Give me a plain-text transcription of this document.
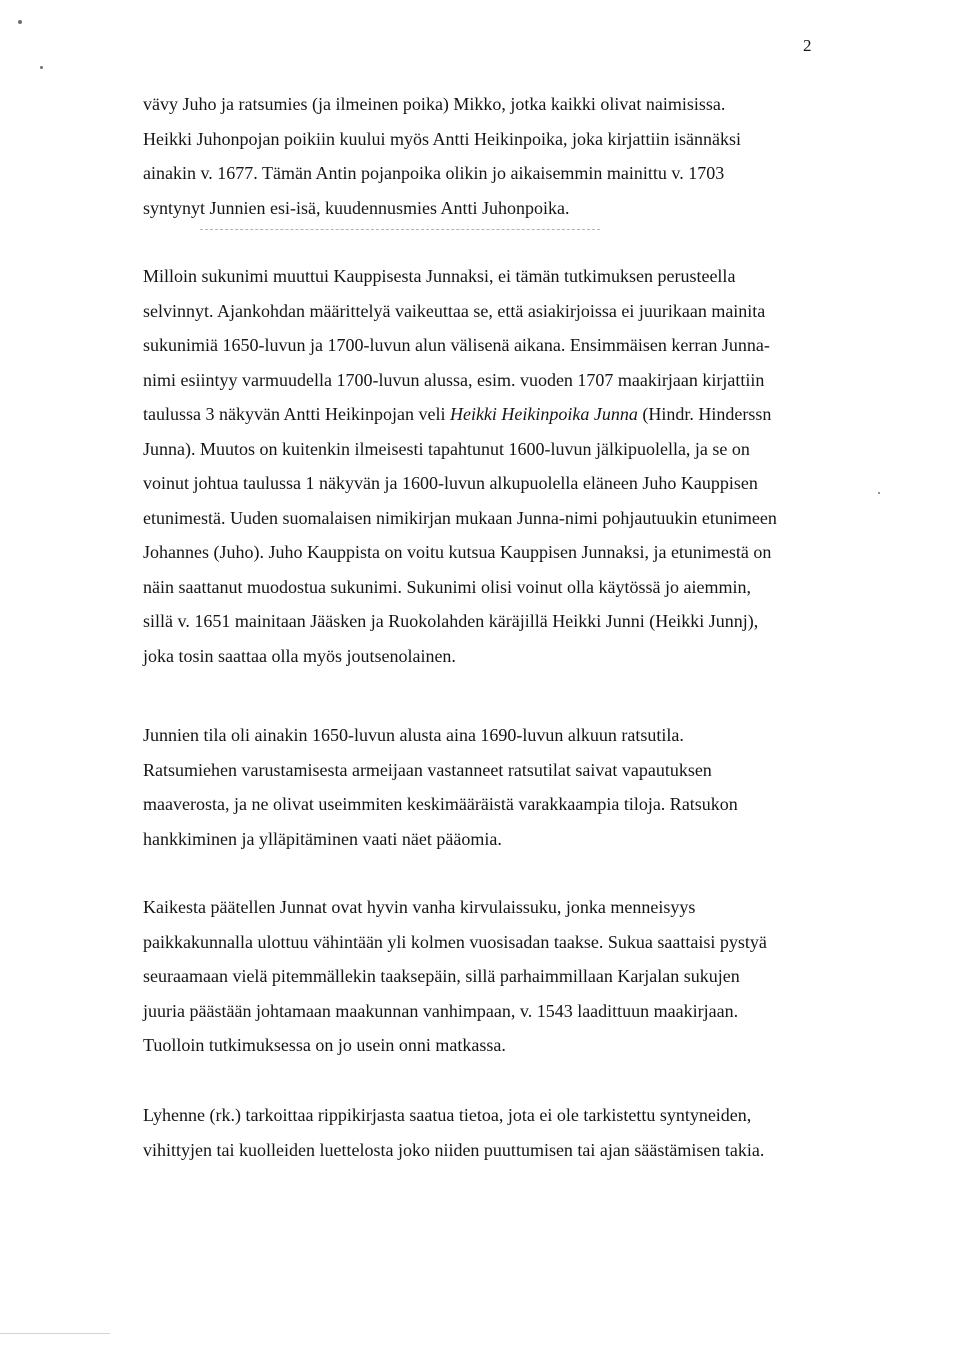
2
vävy Juho ja ratsumies (ja ilmeinen poika) Mikko, jotka kaikki olivat naimisissa.
Heikki Juhonpojan poikiin kuului myös Antti Heikinpoika, joka kirjattiin isännäksi
ainakin v. 1677. Tämän Antin pojanpoika olikin jo aikaisemmin mainittu v. 1703
syntynyt Junnien esi-isä, kuudennusmies Antti Juhonpoika.
Milloin sukunimi muuttui Kauppisesta Junnaksi, ei tämän tutkimuksen perusteella
selvinnyt. Ajankohdan määrittelyä vaikeuttaa se, että asiakirjoissa ei juurikaan mainita
sukunimiä 1650-luvun ja 1700-luvun alun välisenä aikana. Ensimmäisen kerran Junna-
nimi esiintyy varmuudella 1700-luvun alussa, esim. vuoden 1707 maakirjaan kirjattiin
taulussa 3 näkyvän Antti Heikinpojan veli Heikki Heikinpoika Junna (Hindr. Hinderssn
Junna). Muutos on kuitenkin ilmeisesti tapahtunut 1600-luvun jälkipuolella, ja se on
voinut johtua taulussa 1 näkyvän ja 1600-luvun alkupuolella eläneen Juho Kauppisen
etunimestä. Uuden suomalaisen nimikirjan mukaan Junna-nimi pohjautuukin etunimeen
Johannes (Juho). Juho Kauppista on voitu kutsua Kauppisen Junnaksi, ja etunimestä on
näin saattanut muodostua sukunimi. Sukunimi olisi voinut olla käytössä jo aiemmin,
sillä v. 1651 mainitaan Jääsken ja Ruokolahden käräjillä Heikki Junni (Heikki Junnj),
joka tosin saattaa olla myös joutsenolainen.
Junnien tila oli ainakin 1650-luvun alusta aina 1690-luvun alkuun ratsutila.
Ratsumiehen varustamisesta armeijaan vastanneet ratsutilat saivat vapautuksen
maaverosta, ja ne olivat useimmiten keskimääräistä varakkaampia tiloja. Ratsukon
hankkiminen ja ylläpitäminen vaati näet pääomia.
Kaikesta päätellen Junnat ovat hyvin vanha kirvulaissuku, jonka menneisyys
paikkakunnalla ulottuu vähintään yli kolmen vuosisadan taakse. Sukua saattaisi pystyä
seuraamaan vielä pitemmällekin taaksepäin, sillä parhaimmillaan Karjalan sukujen
juuria päästään johtamaan maakunnan vanhimpaan, v. 1543 laadittuun maakirjaan.
Tuolloin tutkimuksessa on jo usein onni matkassa.
Lyhenne (rk.) tarkoittaa rippikirjasta saatua tietoa, jota ei ole tarkistettu syntyneiden,
vihittyjen tai kuolleiden luettelosta joko niiden puuttumisen tai ajan säästämisen takia.
